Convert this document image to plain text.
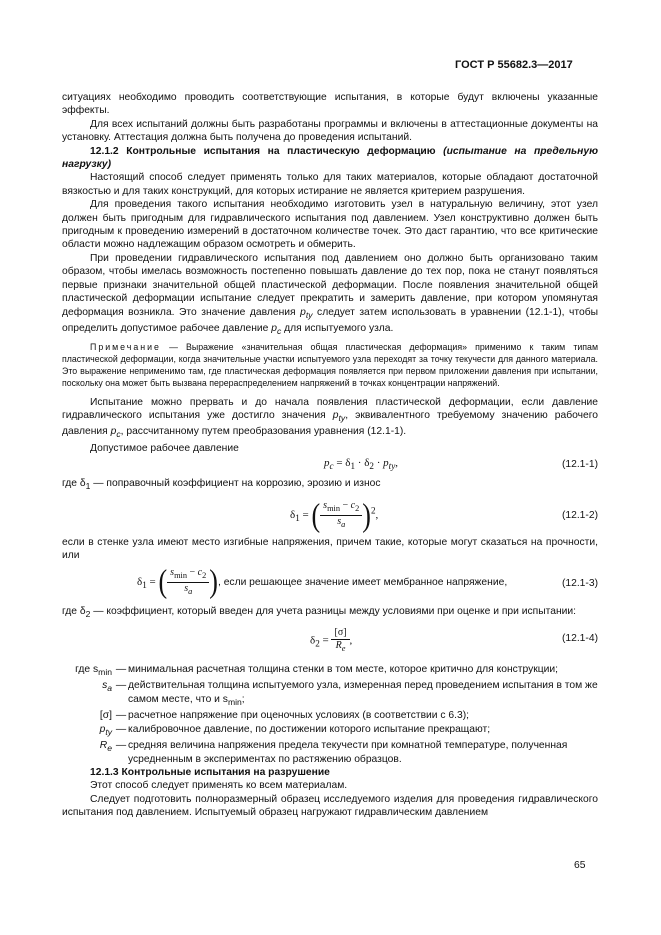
ГОСТ Р 55682.3—2017

ситуациях необходимо проводить соответствующие испытания, в которые будут включены указанные эффекты.

Для всех испытаний должны быть разработаны программы и включены в аттестационные документы на установку. Аттестация должна быть получена до проведения испытаний.

12.1.2 Контрольные испытания на пластическую деформацию (испытание на предельную нагрузку)

Настоящий способ следует применять только для таких материалов, которые обладают достаточной вязкостью и для таких конструкций, для которых истирание не является критерием разрушения.

Для проведения такого испытания необходимо изготовить узел в натуральную величину, этот узел должен быть пригодным для гидравлического испытания под давлением. Узел конструктивно должен быть пригодным к проведению измерений в достаточном количестве точек. Это даст гарантию, что все критические области можно надлежащим образом осмотреть и обмерить.

При проведении гидравлического испытания под давлением оно должно быть организовано таким образом, чтобы имелась возможность постепенно повышать давление до тех пор, пока не станут появляться первые признаки значительной общей пластической деформации. После появления значительной общей пластической деформации испытание следует прекратить и замерить давление, при котором упомянутая деформация возникла. Это значение давления $p_{ty}$ следует затем использовать в уравнении (12.1-1), чтобы определить допустимое рабочее давление $p_c$ для испытуемого узла.

Примечание — Выражение «значительная общая пластическая деформация» применимо к таким типам пластической деформации, когда значительные участки испытуемого узла переходят за точку текучести для данного материала. Это выражение неприменимо там, где пластическая деформация появляется при первом приложении давления при испытании, поскольку она может быть вызвана перераспределением напряжений в точках концентрации напряжений.

Испытание можно прервать и до начала появления пластической деформации, если давление гидравлического испытания уже достигло значения $p_{ty}$, эквивалентного требуемому значению рабочего давления $p_c$, рассчитанному путем преобразования уравнения (12.1-1).

Допустимое рабочее давление

$p_c = \delta_1 \cdot \delta_2 \cdot p_{ty}$,	(12.1-1)

где $\delta_1$ — поправочный коэффициент на коррозию, эрозию и износ

$\delta_1$ = ( $\frac{s_{min} - c_2}{s_a} )^2$,	(12.1-2)

если в стенке узла имеют место изгибные напряжения, причем такие, которые могут сказаться на прочности, или

$\delta_1$ = ( $\frac{s_{min} - c_2}{s_a}$ ), если решающее значение имеет мембранное напряжение,	(12.1-3)

где $\delta_2$ — коэффициент, который введен для учета разницы между условиями при оценке и при испытании:

$\delta_2 = \frac{[\sigma]}{R_e}$ ,	(12.1-4)
где $s_{min}$ — минимальная расчетная толщина стенки в том месте, которое критично для конструкции;
$s_a$ — действительная толщина испытуемого узла, измеренная перед проведением испытания в том же самом месте, что и $s_{min}$;
[σ] — расчетное напряжение при оценочных условиях (в соответствии с 6.3);
$p_{ty}$ — калибровочное давление, по достижении которого испытание прекращают;
$R_e$ — средняя величина напряжения предела текучести при комнатной температуре, полученная усредненным в экспериментах по растяжению образцов.

12.1.3 Контрольные испытания на разрушение

Этот способ следует применять ко всем материалам.

Следует подготовить полноразмерный образец исследуемого изделия для проведения гидравлического испытания под давлением. Испытуемый образец нагружают гидравлическим давлением

65
